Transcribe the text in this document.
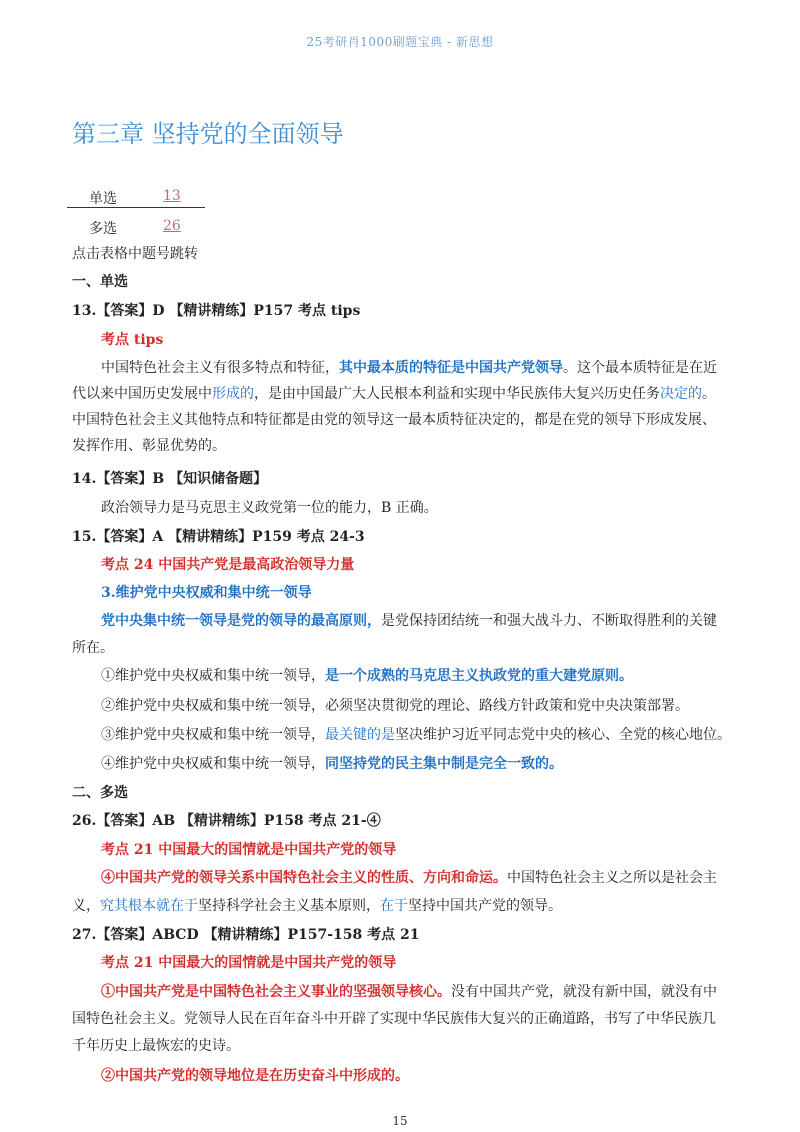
25考研肖1000刷题宝典 - 新思想
第三章 坚持党的全面领导
单选	13
多选	26
点击表格中题号跳转
一、单选
13.【答案】D 【精讲精练】P157 考点 tips
考点 tips
中国特色社会主义有很多特点和特征，其中最本质的特征是中国共产党领导。这个最本质特征是在近
代以来中国历史发展中形成的，是由中国最广大人民根本利益和实现中华民族伟大复兴历史任务决定的。
中国特色社会主义其他特点和特征都是由党的领导这一最本质特征决定的，都是在党的领导下形成发展、
发挥作用、彰显优势的。
14.【答案】B 【知识储备题】
政治领导力是马克思主义政党第一位的能力，B 正确。
15.【答案】A 【精讲精练】P159 考点 24-3
考点 24 中国共产党是最高政治领导力量
3.维护党中央权威和集中统一领导
党中央集中统一领导是党的领导的最高原则，是党保持团结统一和强大战斗力、不断取得胜利的关键
所在。
①维护党中央权威和集中统一领导，是一个成熟的马克思主义执政党的重大建党原则。
②维护党中央权威和集中统一领导，必须坚决贯彻党的理论、路线方针政策和党中央决策部署。
③维护党中央权威和集中统一领导，最关键的是坚决维护习近平同志党中央的核心、全党的核心地位。
④维护党中央权威和集中统一领导，同坚持党的民主集中制是完全一致的。
二、多选
26.【答案】AB 【精讲精练】P158 考点 21-④
考点 21 中国最大的国情就是中国共产党的领导
④中国共产党的领导关系中国特色社会主义的性质、方向和命运。中国特色社会主义之所以是社会主
义，究其根本就在于坚持科学社会主义基本原则，在于坚持中国共产党的领导。
27.【答案】ABCD 【精讲精练】P157-158 考点 21
考点 21 中国最大的国情就是中国共产党的领导
①中国共产党是中国特色社会主义事业的坚强领导核心。没有中国共产党，就没有新中国，就没有中
国特色社会主义。党领导人民在百年奋斗中开辟了实现中华民族伟大复兴的正确道路，书写了中华民族几
千年历史上最恢宏的史诗。
②中国共产党的领导地位是在历史奋斗中形成的。
15
